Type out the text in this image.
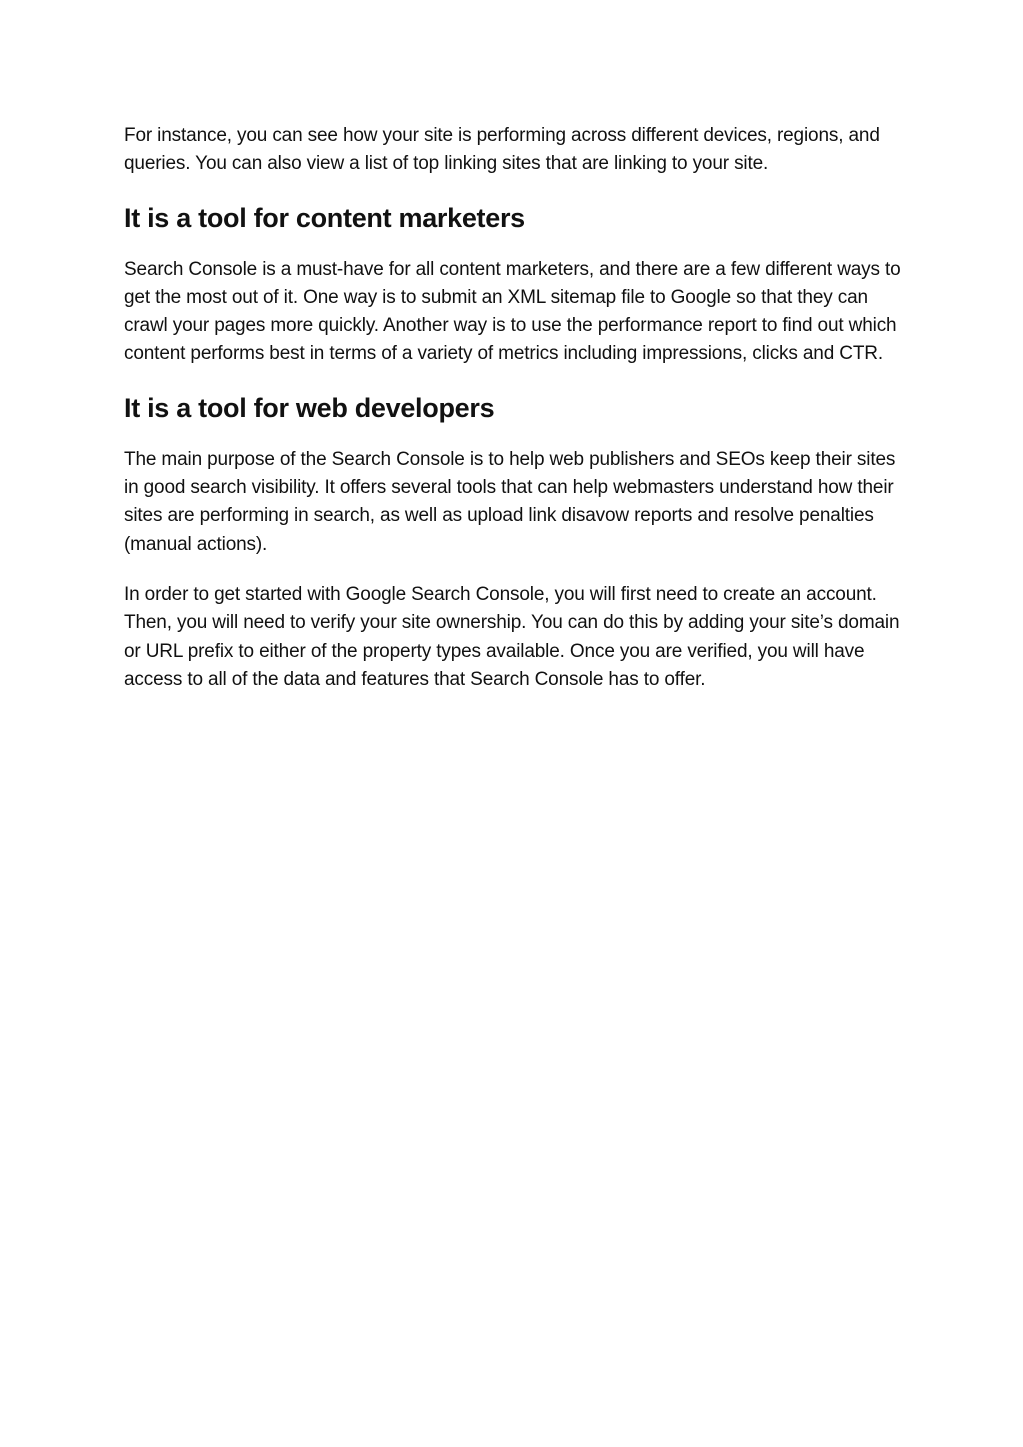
For instance, you can see how your site is performing across different devices, regions, and queries. You can also view a list of top linking sites that are linking to your site.

It is a tool for content marketers

Search Console is a must-have for all content marketers, and there are a few different ways to get the most out of it. One way is to submit an XML sitemap file to Google so that they can crawl your pages more quickly. Another way is to use the performance report to find out which content performs best in terms of a variety of metrics including impressions, clicks and CTR.

It is a tool for web developers

The main purpose of the Search Console is to help web publishers and SEOs keep their sites in good search visibility. It offers several tools that can help webmasters understand how their sites are performing in search, as well as upload link disavow reports and resolve penalties (manual actions).

In order to get started with Google Search Console, you will first need to create an account. Then, you will need to verify your site ownership. You can do this by adding your site’s domain or URL prefix to either of the property types available. Once you are verified, you will have access to all of the data and features that Search Console has to offer.
